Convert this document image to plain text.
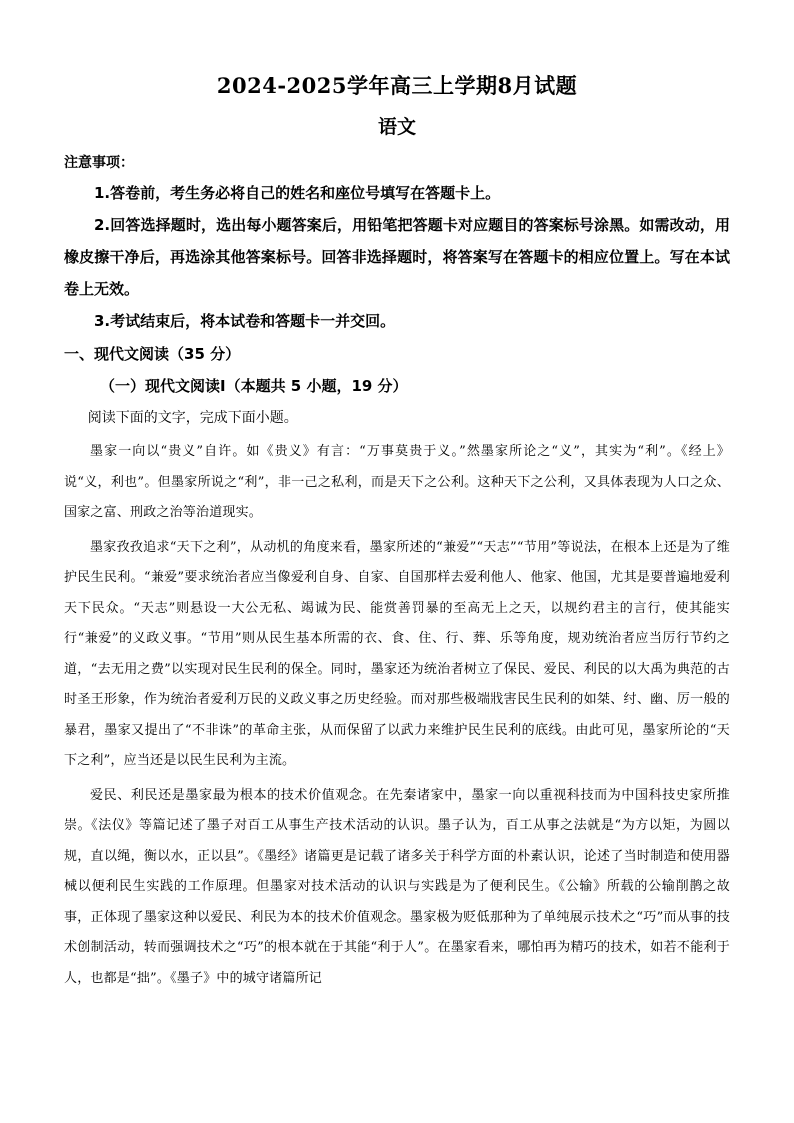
2024-2025学年高三上学期8月试题
语文
注意事项：

1.答卷前，考生务必将自己的姓名和座位号填写在答题卡上。

2.回答选择题时，选出每小题答案后，用铅笔把答题卡对应题目的答案标号涂黑。如需改动，用橡皮擦干净后，再选涂其他答案标号。回答非选择题时，将答案写在答题卡的相应位置上。写在本试卷上无效。

3.考试结束后，将本试卷和答题卡一并交回。

一、现代文阅读（35 分）
（一）现代文阅读Ⅰ（本题共 5 小题，19 分）
阅读下面的文字，完成下面小题。

墨家一向以“贵义”自许。如《贵义》有言：“万事莫贵于义。”然墨家所论之“义”，其实为“利”。《经上》说“义，利也”。但墨家所说之“利”，非一己之私利，而是天下之公利。这种天下之公利，又具体表现为人口之众、国家之富、刑政之治等治道现实。

墨家孜孜追求“天下之利”，从动机的角度来看，墨家所述的“兼爱”“天志”“节用”等说法，在根本上还是为了维护民生民利。“兼爱”要求统治者应当像爱利自身、自家、自国那样去爱利他人、他家、他国，尤其是要普遍地爱利天下民众。“天志”则悬设一大公无私、竭诚为民、能赏善罚暴的至高无上之天，以规约君主的言行，使其能实行“兼爱”的义政义事。“节用”则从民生基本所需的衣、食、住、行、葬、乐等角度，规劝统治者应当厉行节约之道，“去无用之费”以实现对民生民利的保全。同时，墨家还为统治者树立了保民、爱民、利民的以大禹为典范的古时圣王形象，作为统治者爱利万民的义政义事之历史经验。而对那些极端戕害民生民利的如桀、纣、幽、厉一般的暴君，墨家又提出了“不非诛”的革命主张，从而保留了以武力来维护民生民利的底线。由此可见，墨家所论的“天下之利”，应当还是以民生民利为主流。

爱民、利民还是墨家最为根本的技术价值观念。在先秦诸家中，墨家一向以重视科技而为中国科技史家所推崇。《法仪》等篇记述了墨子对百工从事生产技术活动的认识。墨子认为，百工从事之法就是“为方以矩，为圆以规，直以绳，衡以水，正以县”。《墨经》诸篇更是记载了诸多关于科学方面的朴素认识，论述了当时制造和使用器械以便利民生实践的工作原理。但墨家对技术活动的认识与实践是为了便利民生。《公输》所载的公输削鹊之故事，正体现了墨家这种以爱民、利民为本的技术价值观念。墨家极为贬低那种为了单纯展示技术之“巧”而从事的技术创制活动，转而强调技术之“巧”的根本就在于其能“利于人”。在墨家看来，哪怕再为精巧的技术，如若不能利于人，也都是“拙”。《墨子》中的城守诸篇所记
